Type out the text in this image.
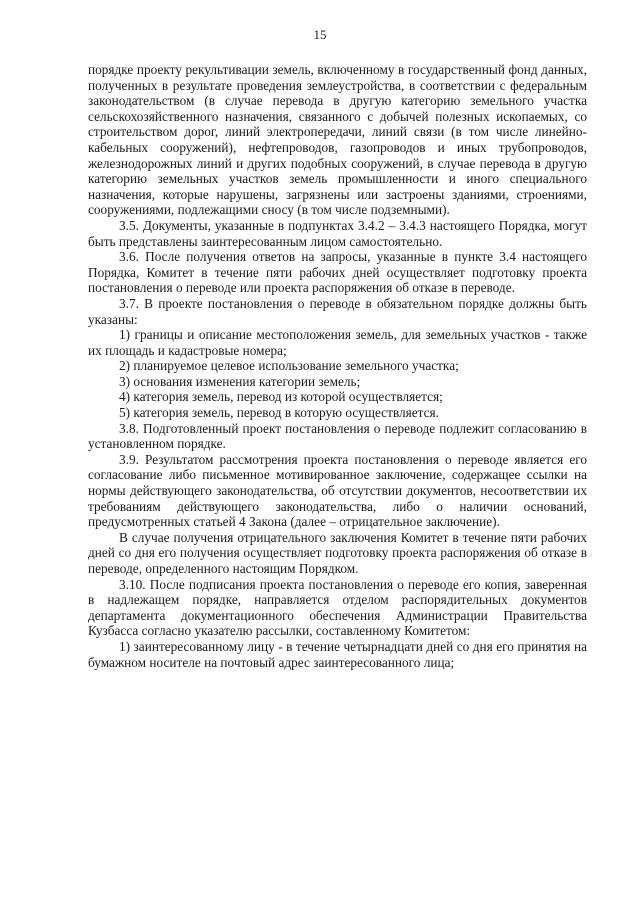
15

порядке проекту рекультивации земель, включенному в государственный фонд данных, полученных в результате проведения землеустройства, в соответствии с федеральным законодательством (в случае перевода в другую категорию земельного участка сельскохозяйственного назначения, связанного с добычей полезных ископаемых, со строительством дорог, линий электропередачи, линий связи (в том числе линейно-кабельных сооружений), нефтепроводов, газопроводов и иных трубопроводов, железнодорожных линий и других подобных сооружений, в случае перевода в другую категорию земельных участков земель промышленности и иного специального назначения, которые нарушены, загрязнены или застроены зданиями, строениями, сооружениями, подлежащими сносу (в том числе подземными).

3.5. Документы, указанные в подпунктах 3.4.2 – 3.4.3 настоящего Порядка, могут быть представлены заинтересованным лицом самостоятельно.

3.6. После получения ответов на запросы, указанные в пункте 3.4 настоящего Порядка, Комитет в течение пяти рабочих дней осуществляет подготовку проекта постановления о переводе или проекта распоряжения об отказе в переводе.

3.7. В проекте постановления о переводе в обязательном порядке должны быть указаны:

1) границы и описание местоположения земель, для земельных участков - также их площадь и кадастровые номера;

2) планируемое целевое использование земельного участка;

3) основания изменения категории земель;

4) категория земель, перевод из которой осуществляется;

5) категория земель, перевод в которую осуществляется.

3.8. Подготовленный проект постановления о переводе подлежит согласованию в установленном порядке.

3.9. Результатом рассмотрения проекта постановления о переводе является его согласование либо письменное мотивированное заключение, содержащее ссылки на нормы действующего законодательства, об отсутствии документов, несоответствии их требованиям действующего законодательства, либо о наличии оснований, предусмотренных статьей 4 Закона (далее – отрицательное заключение).

В случае получения отрицательного заключения Комитет в течение пяти рабочих дней со дня его получения осуществляет подготовку проекта распоряжения об отказе в переводе, определенного настоящим Порядком.

3.10. После подписания проекта постановления о переводе его копия, заверенная в надлежащем порядке, направляется отделом распорядительных документов департамента документационного обеспечения Администрации Правительства Кузбасса согласно указателю рассылки, составленному Комитетом:

1) заинтересованному лицу - в течение четырнадцати дней со дня его принятия на бумажном носителе на почтовый адрес заинтересованного лица;
